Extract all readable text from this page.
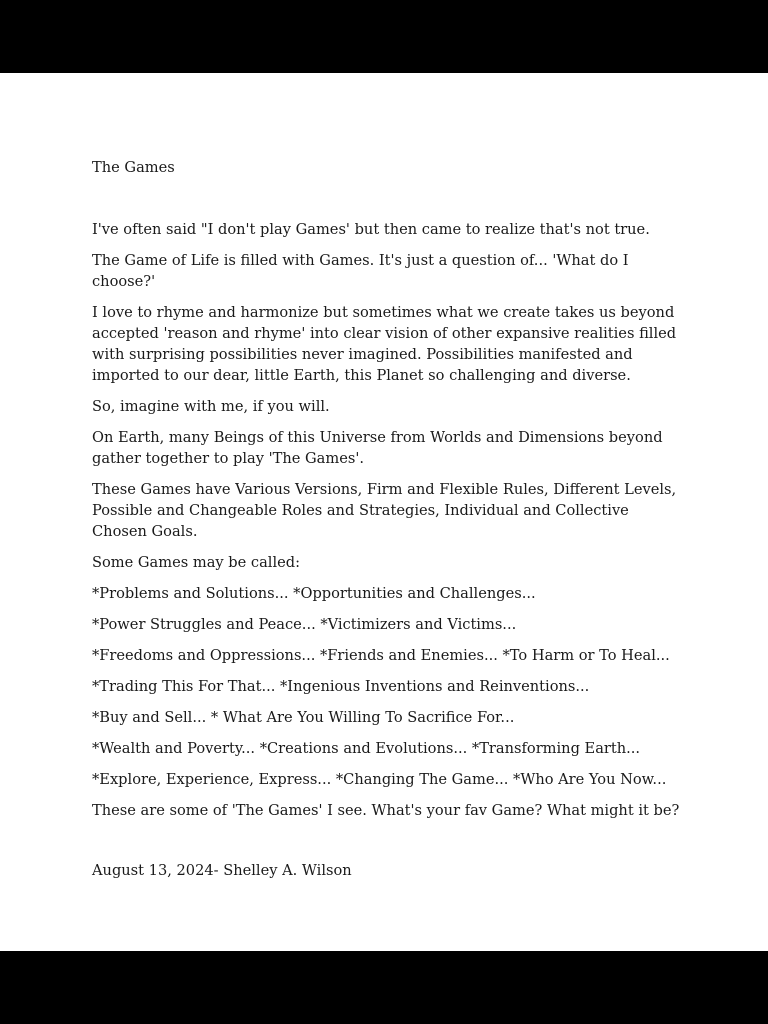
The Games

I've often said "I don't play Games' but then came to realize that's not true.

The Game of Life is filled with Games. It's just a question of... 'What do I choose?'

I love to rhyme and harmonize but sometimes what we create takes us beyond accepted 'reason and rhyme' into clear vision of other expansive realities filled with surprising possibilities never imagined. Possibilities manifested and imported to our dear, little Earth, this Planet so challenging and diverse.

So, imagine with me, if you will.

On Earth, many Beings of this Universe from Worlds and Dimensions beyond gather together to play 'The Games'.

These Games have Various Versions, Firm and Flexible Rules, Different Levels, Possible and Changeable Roles and Strategies, Individual and Collective Chosen Goals.

Some Games may be called:

*Problems and Solutions... *Opportunities and Challenges...

*Power Struggles and Peace... *Victimizers and Victims...

*Freedoms and Oppressions... *Friends and Enemies... *To Harm or To Heal...

*Trading This For That... *Ingenious Inventions and Reinventions...

*Buy and Sell... * What Are You Willing To Sacrifice For...

*Wealth and Poverty... *Creations and Evolutions... *Transforming Earth...

*Explore, Experience, Express... *Changing The Game... *Who Are You Now...

These are some of 'The Games' I see. What's your fav Game? What might it be?

August 13, 2024- Shelley A. Wilson
